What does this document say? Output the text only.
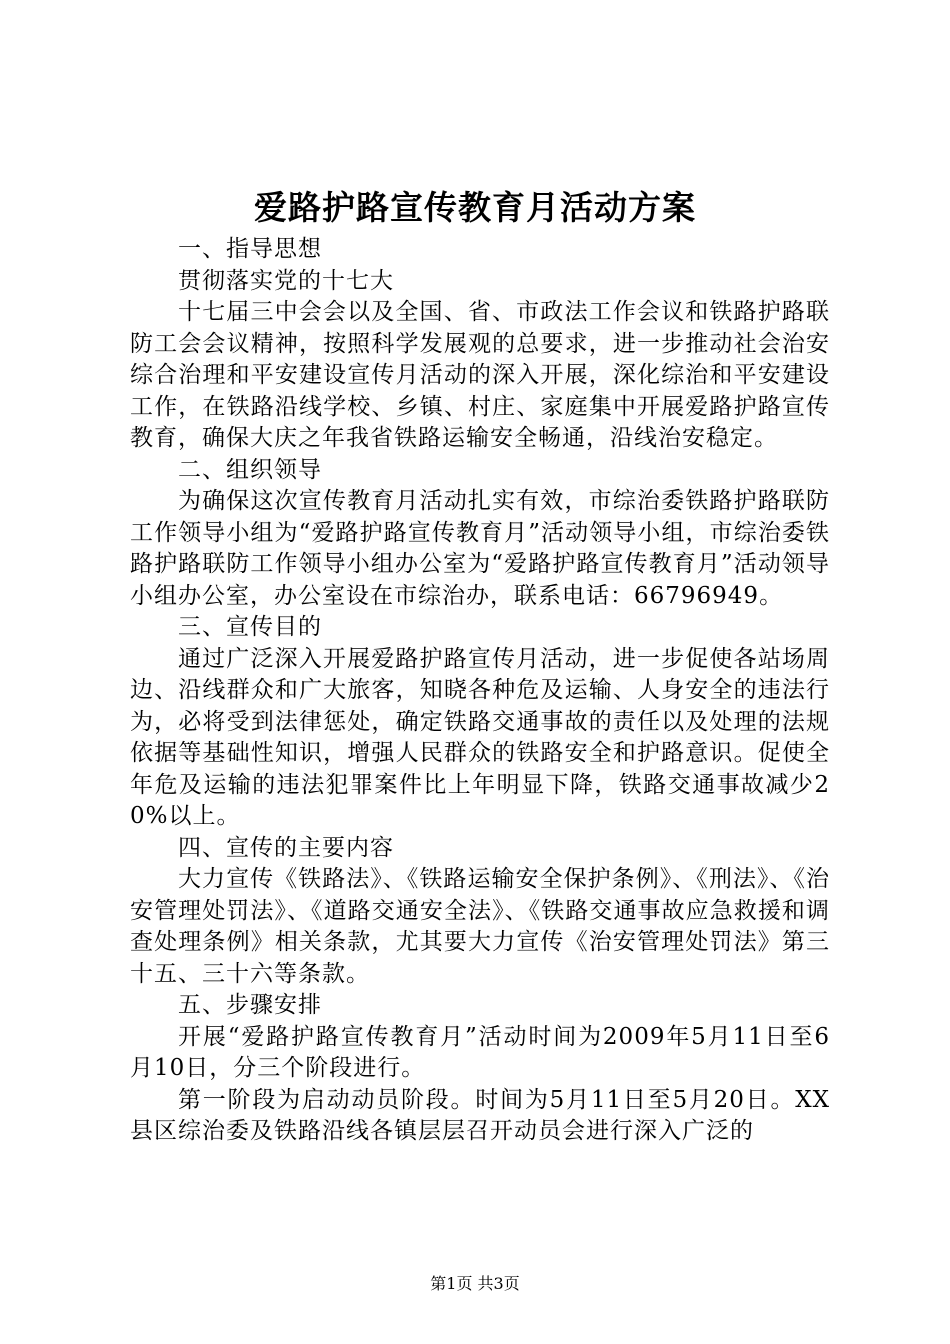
爱路护路宣传教育月活动方案

一、指导思想

贯彻落实党的十七大

十七届三中会会以及全国、省、市政法工作会议和铁路护路联防工会会议精神，按照科学发展观的总要求，进一步推动社会治安综合治理和平安建设宣传月活动的深入开展，深化综治和平安建设工作，在铁路沿线学校、乡镇、村庄、家庭集中开展爱路护路宣传教育，确保大庆之年我省铁路运输安全畅通，沿线治安稳定。

二、组织领导

为确保这次宣传教育月活动扎实有效，市综治委铁路护路联防工作领导小组为“爱路护路宣传教育月”活动领导小组，市综治委铁路护路联防工作领导小组办公室为“爱路护路宣传教育月”活动领导小组办公室，办公室设在市综治办，联系电话：66796949。

三、宣传目的

通过广泛深入开展爱路护路宣传月活动，进一步促使各站场周边、沿线群众和广大旅客，知晓各种危及运输、人身安全的违法行为，必将受到法律惩处，确定铁路交通事故的责任以及处理的法规依据等基础性知识，增强人民群众的铁路安全和护路意识。促使全年危及运输的违法犯罪案件比上年明显下降，铁路交通事故减少20%以上。

四、宣传的主要内容

大力宣传《铁路法》、《铁路运输安全保护条例》、《刑法》、《治安管理处罚法》、《道路交通安全法》、《铁路交通事故应急救援和调查处理条例》相关条款，尤其要大力宣传《治安管理处罚法》第三十五、三十六等条款。

五、步骤安排

开展“爱路护路宣传教育月”活动时间为2009年5月11日至6月10日，分三个阶段进行。

第一阶段为启动动员阶段。时间为5月11日至5月20日。XX县区综治委及铁路沿线各镇层层召开动员会进行深入广泛的

第1页 共3页
